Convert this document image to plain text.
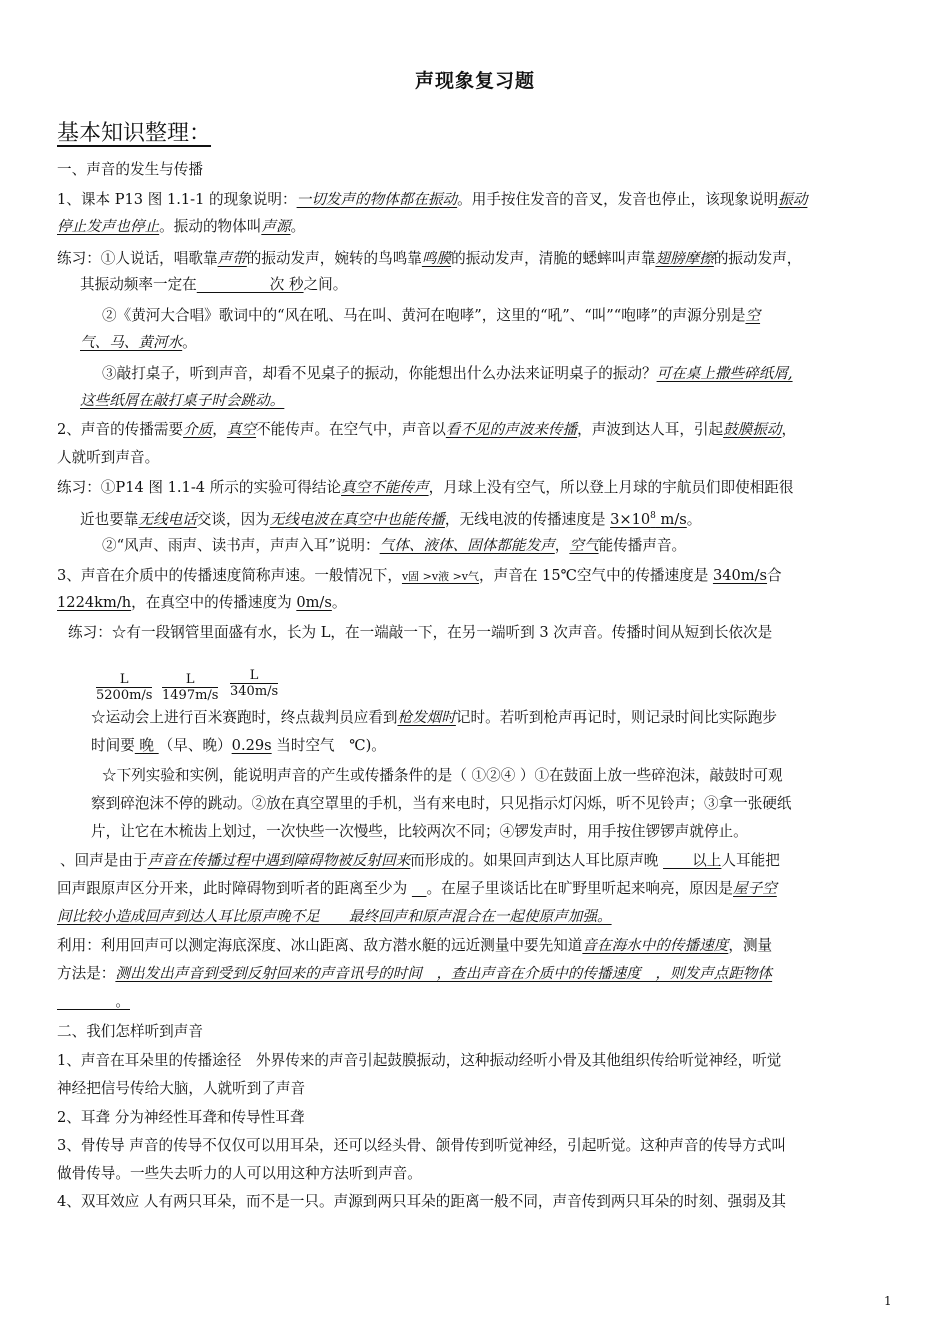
声现象复习题
基本知识整理：
一、声音的发生与传播
1、课本 P13 图 1.1-1 的现象说明：一切发声的物体都在振动。用手按住发音的音叉，发音也停止，该现象说明振动
停止发声也停止。振动的物体叫声源。
练习：①人说话，唱歌靠声带的振动发声，婉转的鸟鸣靠鸣膜的振动发声，清脆的蟋蟀叫声靠翅膀摩擦的振动发声，
其振动频率一定在　　　　　次 秒之间。
②《黄河大合唱》歌词中的“风在吼、马在叫、黄河在咆哮”，这里的“吼”、“叫”“咆哮”的声源分别是空
气、马、黄河水。
③敲打桌子，听到声音，却看不见桌子的振动，你能想出什么办法来证明桌子的振动？可在桌上撒些碎纸屑,
这些纸屑在敲打桌子时会跳动。
2、声音的传播需要介质，真空不能传声。在空气中，声音以看不见的声波来传播，声波到达人耳，引起鼓膜振动，
人就听到声音。
练习：①P14 图 1.1-4 所示的实验可得结论真空不能传声，月球上没有空气，所以登上月球的宇航员们即使相距很
近也要靠无线电话交谈，因为无线电波在真空中也能传播，无线电波的传播速度是 $3\times 10^8$ m/s。
②“风声、雨声、读书声，声声入耳”说明：气体、液体、固体都能发声，空气能传播声音。
3、声音在介质中的传播速度简称声速。一般情况下，v固 >v液 >v气，声音在 15℃空气中的传播速度是 340m/s合
1224km/h，在真空中的传播速度为 0m/s。
练习：☆有一段钢管里面盛有水，长为 L，在一端敲一下，在另一端听到 3 次声音。传播时间从短到长依次是
$\frac{L}{5200m/s} \frac{L}{1497m/s} \frac{L}{340m/s}$
☆运动会上进行百米赛跑时，终点裁判员应看到枪发烟时记时。若听到枪声再记时，则记录时间比实际跑步
时间要 晚 （早、晚）0.29s 当时空气　℃)。
☆下列实验和实例，能说明声音的产生或传播条件的是（ ①②④ ）①在鼓面上放一些碎泡沫，敲鼓时可观
察到碎泡沫不停的跳动。②放在真空罩里的手机，当有来电时，只见指示灯闪烁，听不见铃声；③拿一张硬纸
片，让它在木梳齿上划过，一次快些一次慢些，比较两次不同；④锣发声时，用手按住锣锣声就停止。
、回声是由于声音在传播过程中遇到障碍物被反射回来而形成的。如果回声到达人耳比原声晚 　　以上人耳能把
回声跟原声区分开来，此时障碍物到听者的距离至少为 　。在屋子里谈话比在旷野里听起来响亮，原因是屋子空
间比较小造成回声到达人耳比原声晚不足　　最终回声和原声混合在一起使原声加强。
利用：利用回声可以测定海底深度、冰山距离、敌方潜水艇的远近测量中要先知道音在海水中的传播速度，测量
方法是：测出发出声音到受到反射回来的声音讯号的时间　，查出声音在介质中的传播速度　，则发声点距物体
　　　　。
二、我们怎样听到声音
1、声音在耳朵里的传播途径　外界传来的声音引起鼓膜振动，这种振动经听小骨及其他组织传给听觉神经，听觉
神经把信号传给大脑，人就听到了声音
2、耳聋 分为神经性耳聋和传导性耳聋
3、骨传导 声音的传导不仅仅可以用耳朵，还可以经头骨、颌骨传到听觉神经，引起听觉。这种声音的传导方式叫
做骨传导。一些失去听力的人可以用这种方法听到声音。
4、双耳效应 人有两只耳朵，而不是一只。声源到两只耳朵的距离一般不同，声音传到两只耳朵的时刻、强弱及其
1
